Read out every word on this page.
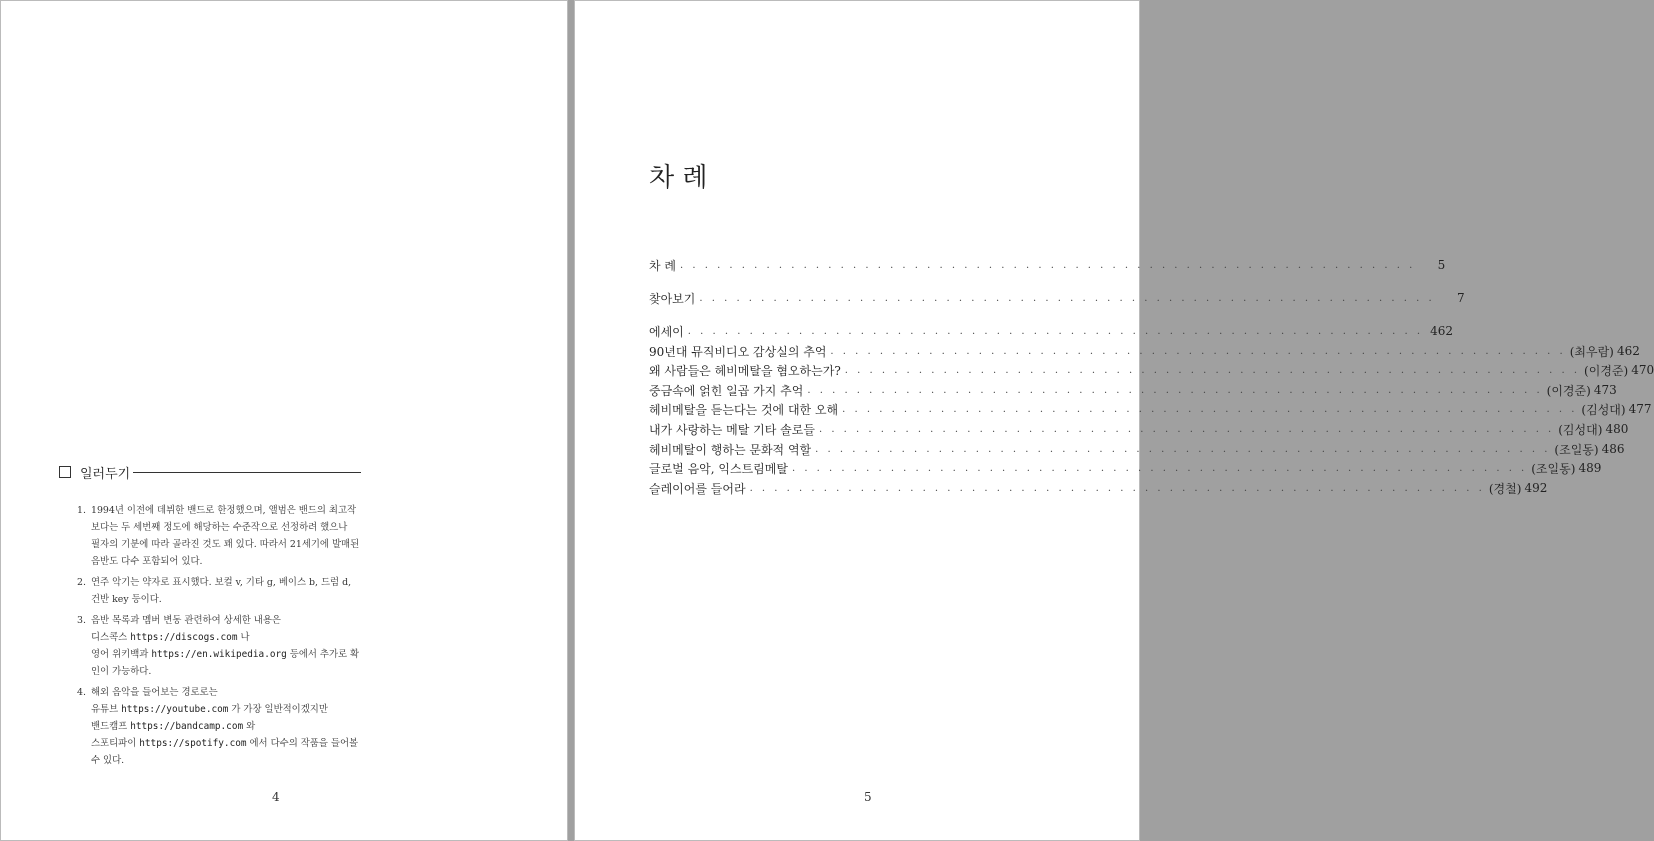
일러두기
1. 1994년 이전에 데뷔한 밴드로 한정했으며, 앨범은 밴드의 최고작
보다는 두 세번째 정도에 해당하는 수준작으로 선정하려 했으나
필자의 기분에 따라 골라진 것도 꽤 있다. 따라서 21세기에 발매된
음반도 다수 포함되어 있다.
2. 연주 악기는 약자로 표시했다. 보컬 v, 기타 g, 베이스 b, 드럼 d,
건반 key 등이다.
3. 음반 목록과 멤버 변동 관련하여 상세한 내용은
디스콕스 https://discogs.com 나
영어 위키백과 https://en.wikipedia.org 등에서 추가로 확
인이 가능하다.
4. 해외 음악을 들어보는 경로로는
유튜브 https://youtube.com 가 가장 일반적이겠지만
밴드캠프 https://bandcamp.com 와
스포티파이 https://spotify.com 에서 다수의 작품을 들어볼
수 있다.
4
차 례
차 례 . . . . . . . . . . . . . . . . . . . . . . . . . . . . . . . . . . . . . . . . . . . . . . . . . . . . . . . . . . . .	5
찾아보기 . . . . . . . . . . . . . . . . . . . . . . . . . . . . . . . . . . . . . . . . . . . . . . . . . . . . . . . . . . . .	7
에세이 . . . . . . . . . . . . . . . . . . . . . . . . . . . . . . . . . . . . . . . . . . . . . . . . . . . . . . . . . . . . 462
90년대 뮤직비디오 감상실의 추억 . . . . . . . . . . . . . . . . . . . . . . . . . . . . . . . . . . . . . . . . . . . . . . . . . . . . . . . . . . . . (최우람) 462
왜 사람들은 헤비메탈을 혐오하는가? . . . . . . . . . . . . . . . . . . . . . . . . . . . . . . . . . . . . . . . . . . . . . . . . . . . . . . . . . . . . (이경준) 470
중금속에 얽힌 일곱 가지 추억 . . . . . . . . . . . . . . . . . . . . . . . . . . . . . . . . . . . . . . . . . . . . . . . . . . . . . . . . . . . . (이경준) 473
헤비메탈을 듣는다는 것에 대한 오해 . . . . . . . . . . . . . . . . . . . . . . . . . . . . . . . . . . . . . . . . . . . . . . . . . . . . . . . . . . . . (김성대) 477
내가 사랑하는 메탈 기타 솔로들 . . . . . . . . . . . . . . . . . . . . . . . . . . . . . . . . . . . . . . . . . . . . . . . . . . . . . . . . . . . . (김성대) 480
헤비메탈이 행하는 문화적 역할 . . . . . . . . . . . . . . . . . . . . . . . . . . . . . . . . . . . . . . . . . . . . . . . . . . . . . . . . . . . . (조일동) 486
글로벌 음악, 익스트림메탈 . . . . . . . . . . . . . . . . . . . . . . . . . . . . . . . . . . . . . . . . . . . . . . . . . . . . . . . . . . . . (조일동) 489
슬레이어를 들어라 . . . . . . . . . . . . . . . . . . . . . . . . . . . . . . . . . . . . . . . . . . . . . . . . . . . . . . . . . . . . (경철) 492
5
